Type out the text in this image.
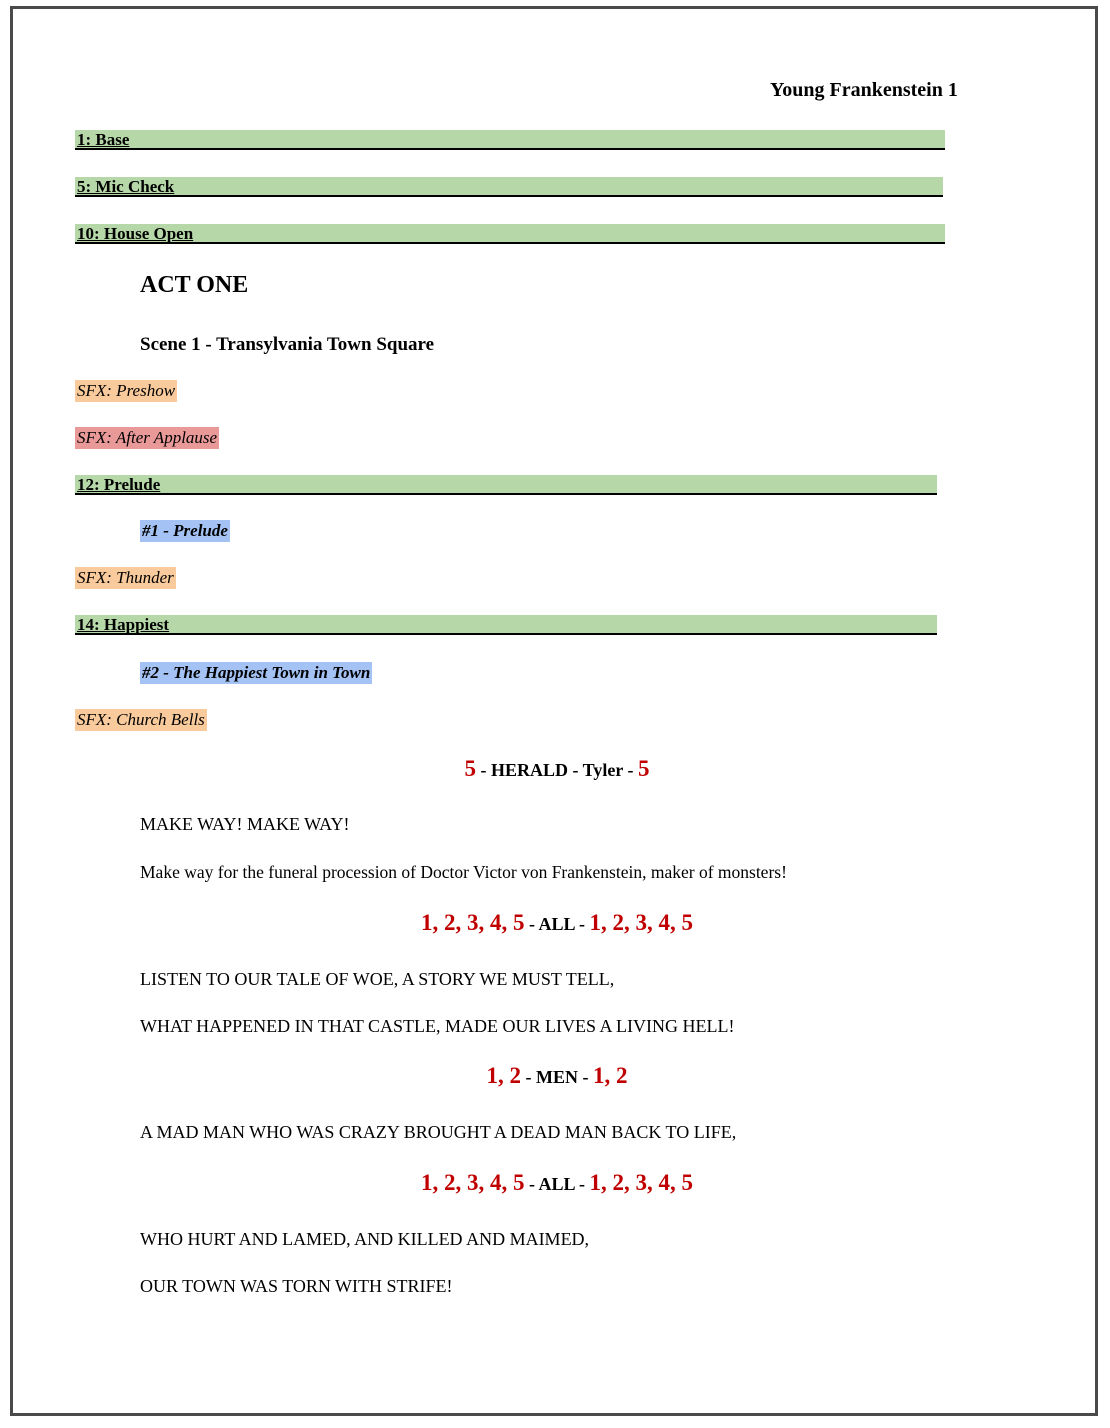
Young Frankenstein 1
1: Base
5: Mic Check
10: House Open
ACT ONE
Scene 1 - Transylvania Town Square
SFX: Preshow
SFX: After Applause
12: Prelude
#1 - Prelude
SFX: Thunder
14: Happiest
#2 - The Happiest Town in Town
SFX: Church Bells
5 - HERALD - Tyler - 5
MAKE WAY! MAKE WAY!
Make way for the funeral procession of Doctor Victor von Frankenstein, maker of monsters!
1, 2, 3, 4, 5 - ALL - 1, 2, 3, 4, 5
LISTEN TO OUR TALE OF WOE, A STORY WE MUST TELL,
WHAT HAPPENED IN THAT CASTLE, MADE OUR LIVES A LIVING HELL!
1, 2 - MEN - 1, 2
A MAD MAN WHO WAS CRAZY BROUGHT A DEAD MAN BACK TO LIFE,
1, 2, 3, 4, 5 - ALL - 1, 2, 3, 4, 5
WHO HURT AND LAMED, AND KILLED AND MAIMED,
OUR TOWN WAS TORN WITH STRIFE!
